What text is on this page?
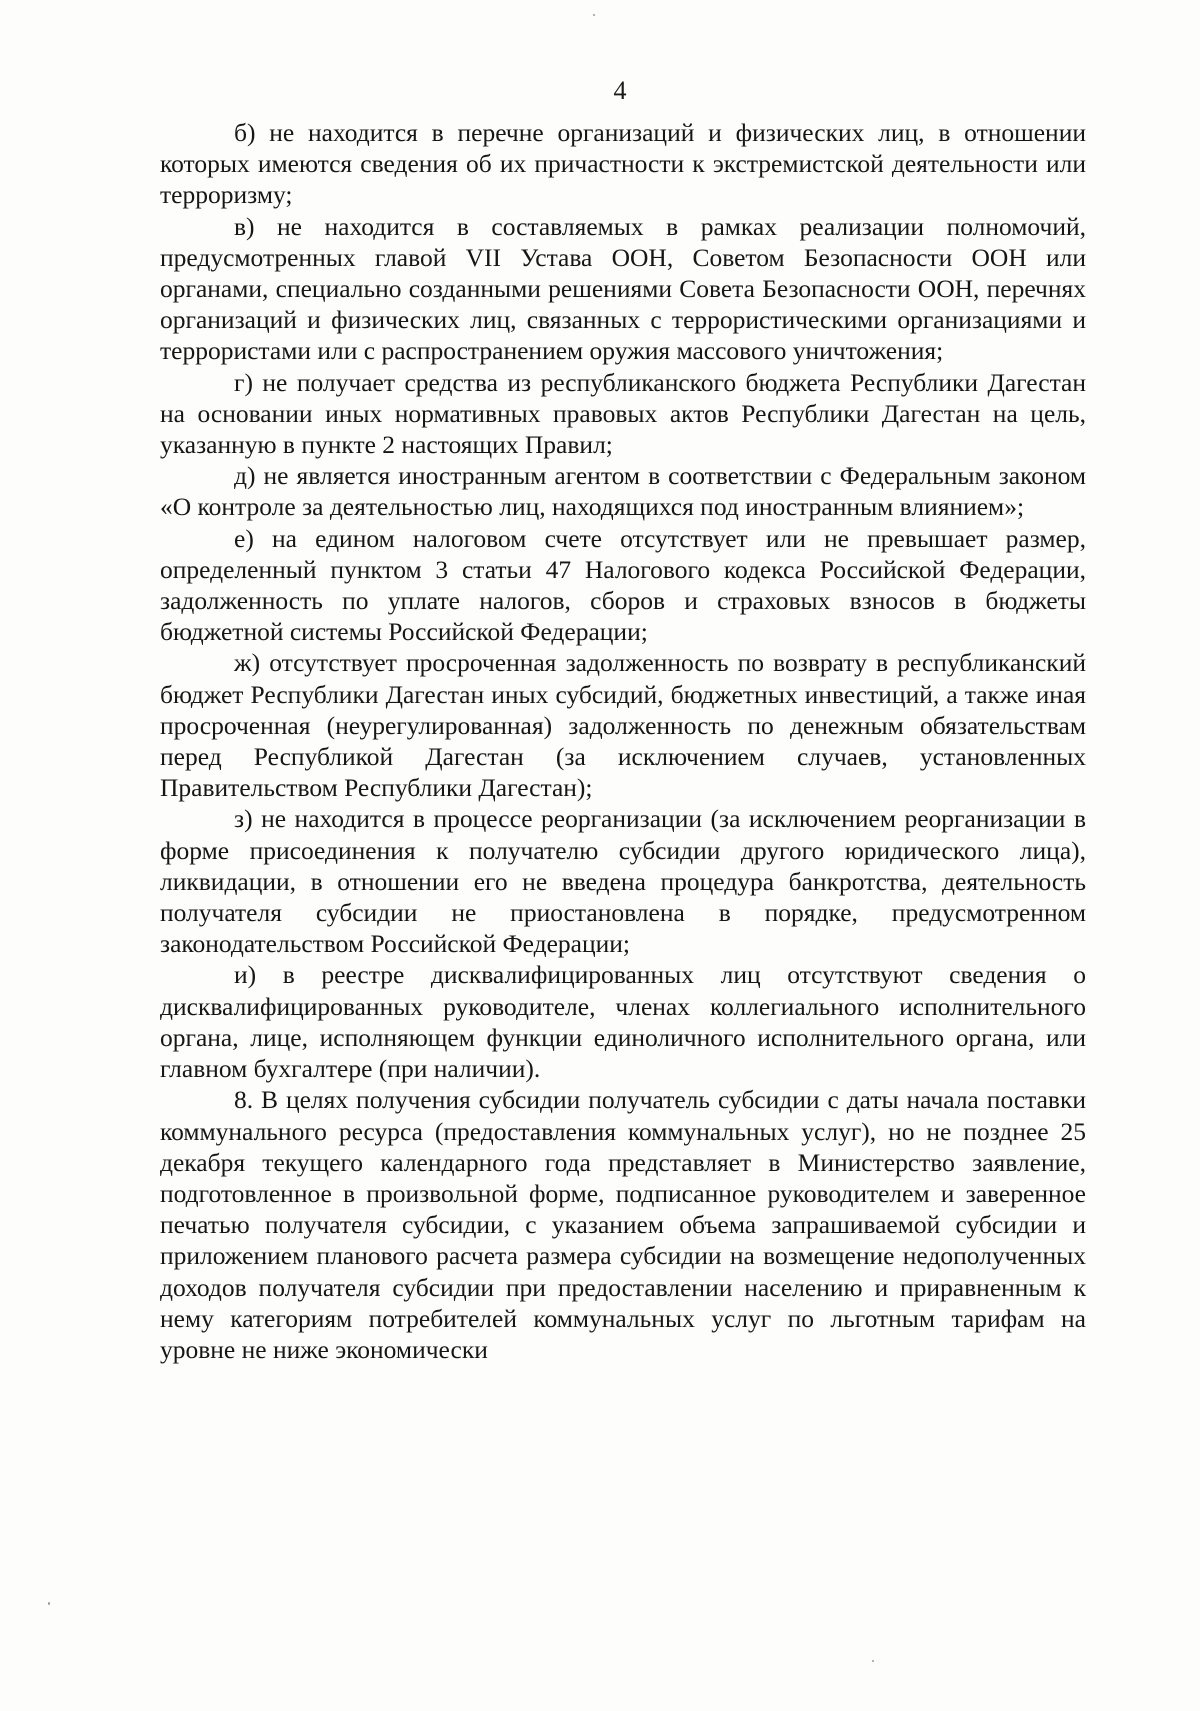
4

б) не находится в перечне организаций и физических лиц, в отношении которых имеются сведения об их причастности к экстремистской деятельности или терроризму;

в) не находится в составляемых в рамках реализации полномочий, предусмотренных главой VII Устава ООН, Советом Безопасности ООН или органами, специально созданными решениями Совета Безопасности ООН, перечнях организаций и физических лиц, связанных с террористическими организациями и террористами или с распространением оружия массового уничтожения;

г) не получает средства из республиканского бюджета Республики Дагестан на основании иных нормативных правовых актов Республики Дагестан на цель, указанную в пункте 2 настоящих Правил;

д) не является иностранным агентом в соответствии с Федеральным законом «О контроле за деятельностью лиц, находящихся под иностранным влиянием»;

е) на едином налоговом счете отсутствует или не превышает размер, определенный пунктом 3 статьи 47 Налогового кодекса Российской Федерации, задолженность по уплате налогов, сборов и страховых взносов в бюджеты бюджетной системы Российской Федерации;

ж) отсутствует просроченная задолженность по возврату в республиканский бюджет Республики Дагестан иных субсидий, бюджетных инвестиций, а также иная просроченная (неурегулированная) задолженность по денежным обязательствам перед Республикой Дагестан (за исключением случаев, установленных Правительством Республики Дагестан);

з) не находится в процессе реорганизации (за исключением реорганизации в форме присоединения к получателю субсидии другого юридического лица), ликвидации, в отношении его не введена процедура банкротства, деятельность получателя субсидии не приостановлена в порядке, предусмотренном законодательством Российской Федерации;

и) в реестре дисквалифицированных лиц отсутствуют сведения о дисквалифицированных руководителе, членах коллегиального исполнительного органа, лице, исполняющем функции единоличного исполнительного органа, или главном бухгалтере (при наличии).

8. В целях получения субсидии получатель субсидии с даты начала поставки коммунального ресурса (предоставления коммунальных услуг), но не позднее 25 декабря текущего календарного года представляет в Министерство заявление, подготовленное в произвольной форме, подписанное руководителем и заверенное печатью получателя субсидии, с указанием объема запрашиваемой субсидии и приложением планового расчета размера субсидии на возмещение недополученных доходов получателя субсидии при предоставлении населению и приравненным к нему категориям потребителей коммунальных услуг по льготным тарифам на уровне не ниже экономически
